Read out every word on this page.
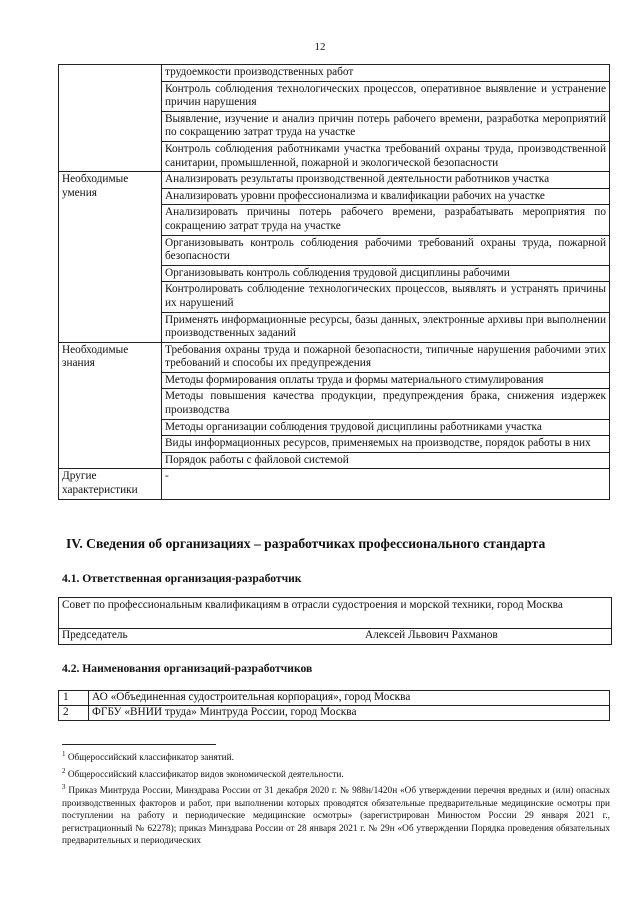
12
	трудоемкости производственных работ
	Контроль соблюдения технологических процессов, оперативное выявление и устранение причин нарушения
	Выявление, изучение и анализ причин потерь рабочего времени, разработка мероприятий по сокращению затрат труда на участке
	Контроль соблюдения работниками участка требований охраны труда, производственной санитарии, промышленной, пожарной и экологической безопасности
Необходимые умения	Анализировать результаты производственной деятельности работников участка
	Анализировать уровни профессионализма и квалификации рабочих на участке
	Анализировать причины потерь рабочего времени, разрабатывать мероприятия по сокращению затрат труда на участке
	Организовывать контроль соблюдения рабочими требований охраны труда, пожарной безопасности
	Организовывать контроль соблюдения трудовой дисциплины рабочими
	Контролировать соблюдение технологических процессов, выявлять и устранять причины их нарушений
	Применять информационные ресурсы, базы данных, электронные архивы при выполнении производственных заданий
Необходимые знания	Требования охраны труда и пожарной безопасности, типичные нарушения рабочими этих требований и способы их предупреждения
	Методы формирования оплаты труда и формы материального стимулирования
	Методы повышения качества продукции, предупреждения брака, снижения издержек производства
	Методы организации соблюдения трудовой дисциплины работниками участка
	Виды информационных ресурсов, применяемых на производстве, порядок работы в них
	Порядок работы с файловой системой
Другие характеристики	-
IV. Сведения об организациях – разработчиках профессионального стандарта
4.1. Ответственная организация-разработчик
Совет по профессиональным квалификациям в отрасли судостроения и морской техники, город Москва
Председатель	Алексей Львович Рахманов
4.2. Наименования организаций-разработчиков
1	АО «Объединенная судостроительная корпорация», город Москва
2	ФГБУ «ВНИИ труда» Минтруда России, город Москва

$^1$ Общероссийский классификатор занятий.

$^2$ Общероссийский классификатор видов экономической деятельности.

$^3$ Приказ Минтруда России, Минздрава России от 31 декабря 2020 г. № 988н/1420н «Об утверждении перечня вредных и (или) опасных производственных факторов и работ, при выполнении которых проводятся обязательные предварительные медицинские осмотры при поступлении на работу и периодические медицинские осмотры» (зарегистрирован Минюстом России 29 января 2021 г., регистрационный № 62278); приказ Минздрава России от 28 января 2021 г. № 29н «Об утверждении Порядка проведения обязательных предварительных и периодических
